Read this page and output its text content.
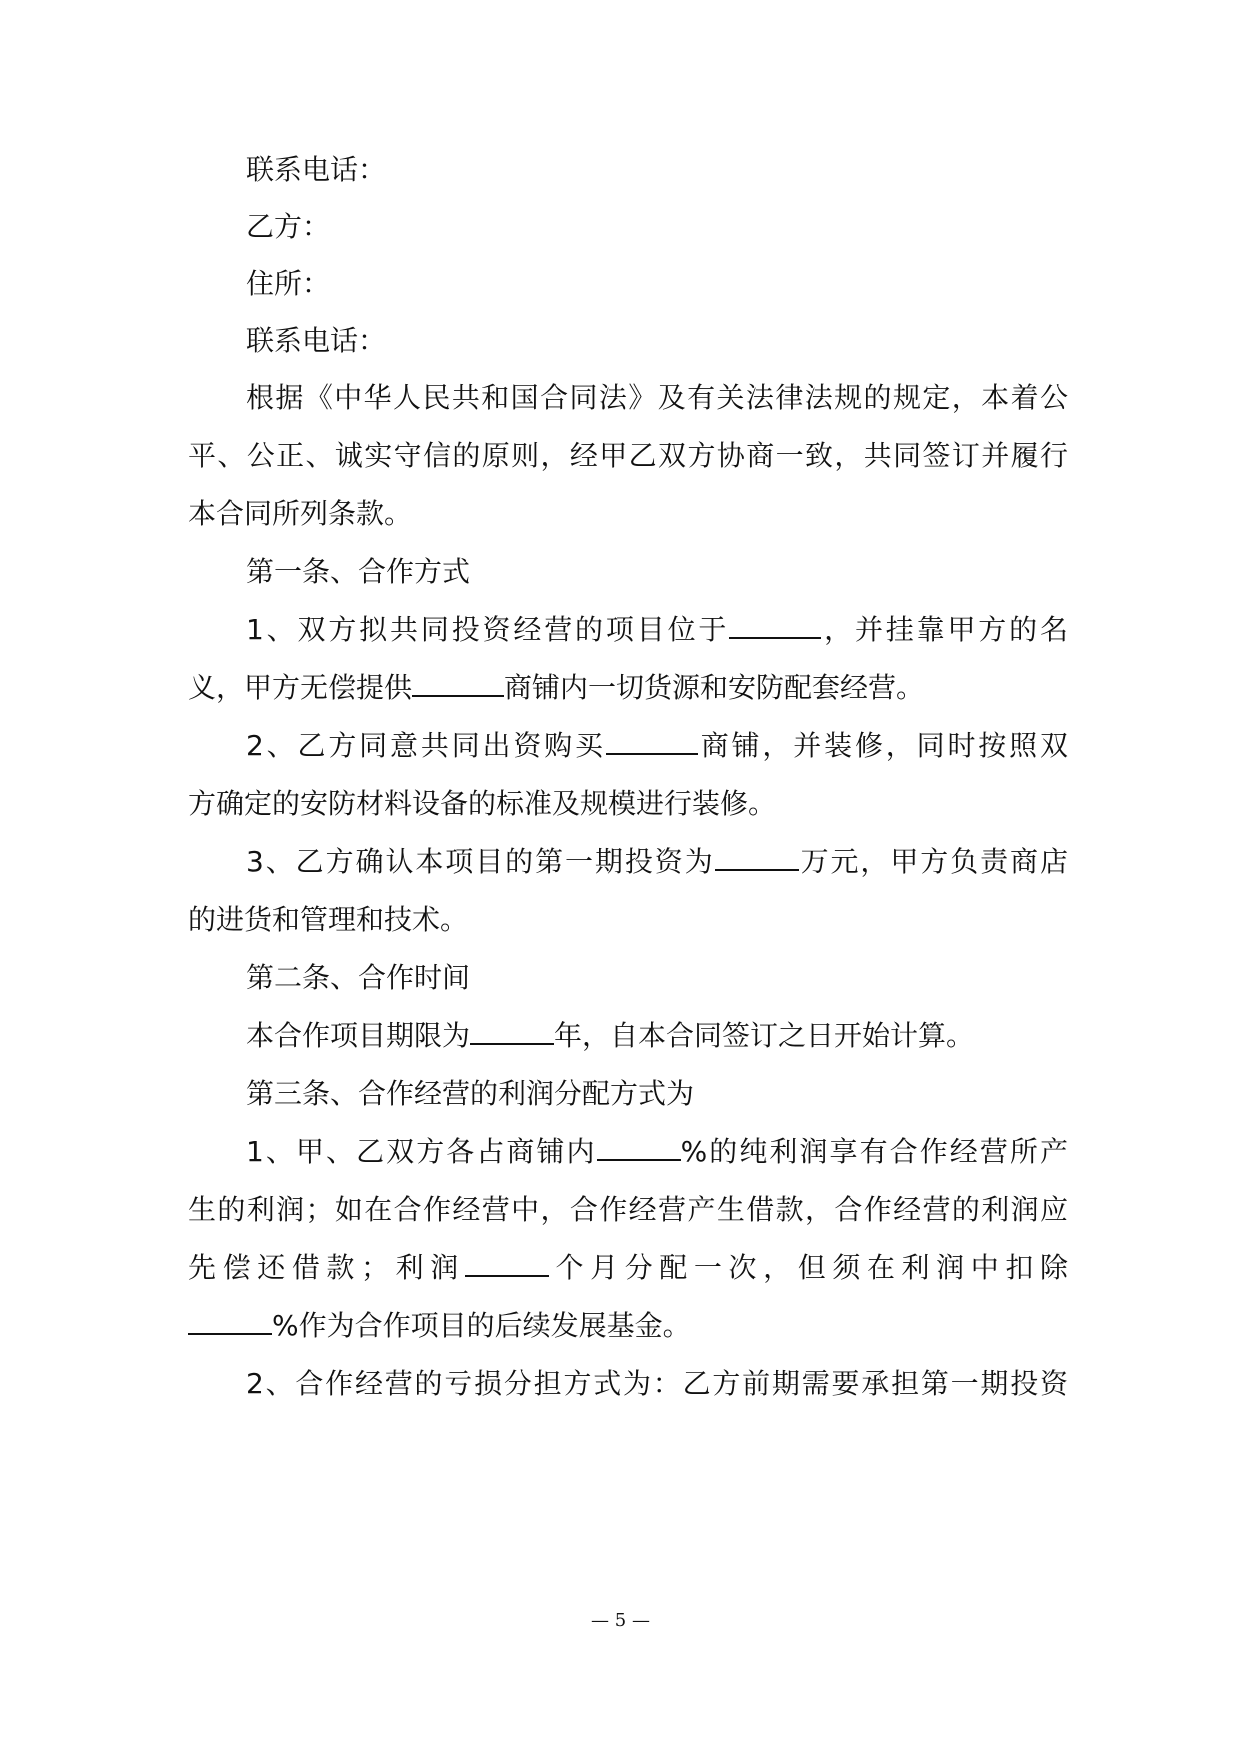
联系电话：
乙方：
住所：
联系电话：
根据《中华人民共和国合同法》及有关法律法规的规定，本着公
平、公正、诚实守信的原则，经甲乙双方协商一致，共同签订并履行
本合同所列条款。
第一条、合作方式
1、双方拟共同投资经营的项目位于	，并挂靠甲方的名
义，甲方无偿提供	商铺内一切货源和安防配套经营。
2、乙方同意共同出资购买	商铺，并装修，同时按照双
方确定的安防材料设备的标准及规模进行装修。
3、乙方确认本项目的第一期投资为	万元，甲方负责商店
的进货和管理和技术。
第二条、合作时间
本合作项目期限为	年，自本合同签订之日开始计算。
第三条、合作经营的利润分配方式为
1、甲、乙双方各占商铺内	%的纯利润享有合作经营所产
生的利润；如在合作经营中，合作经营产生借款，合作经营的利润应
先偿还借款；利润	个月分配一次，但须在利润中扣除
%作为合作项目的后续发展基金。
2、合作经营的亏损分担方式为：乙方前期需要承担第一期投资
— 5 —
